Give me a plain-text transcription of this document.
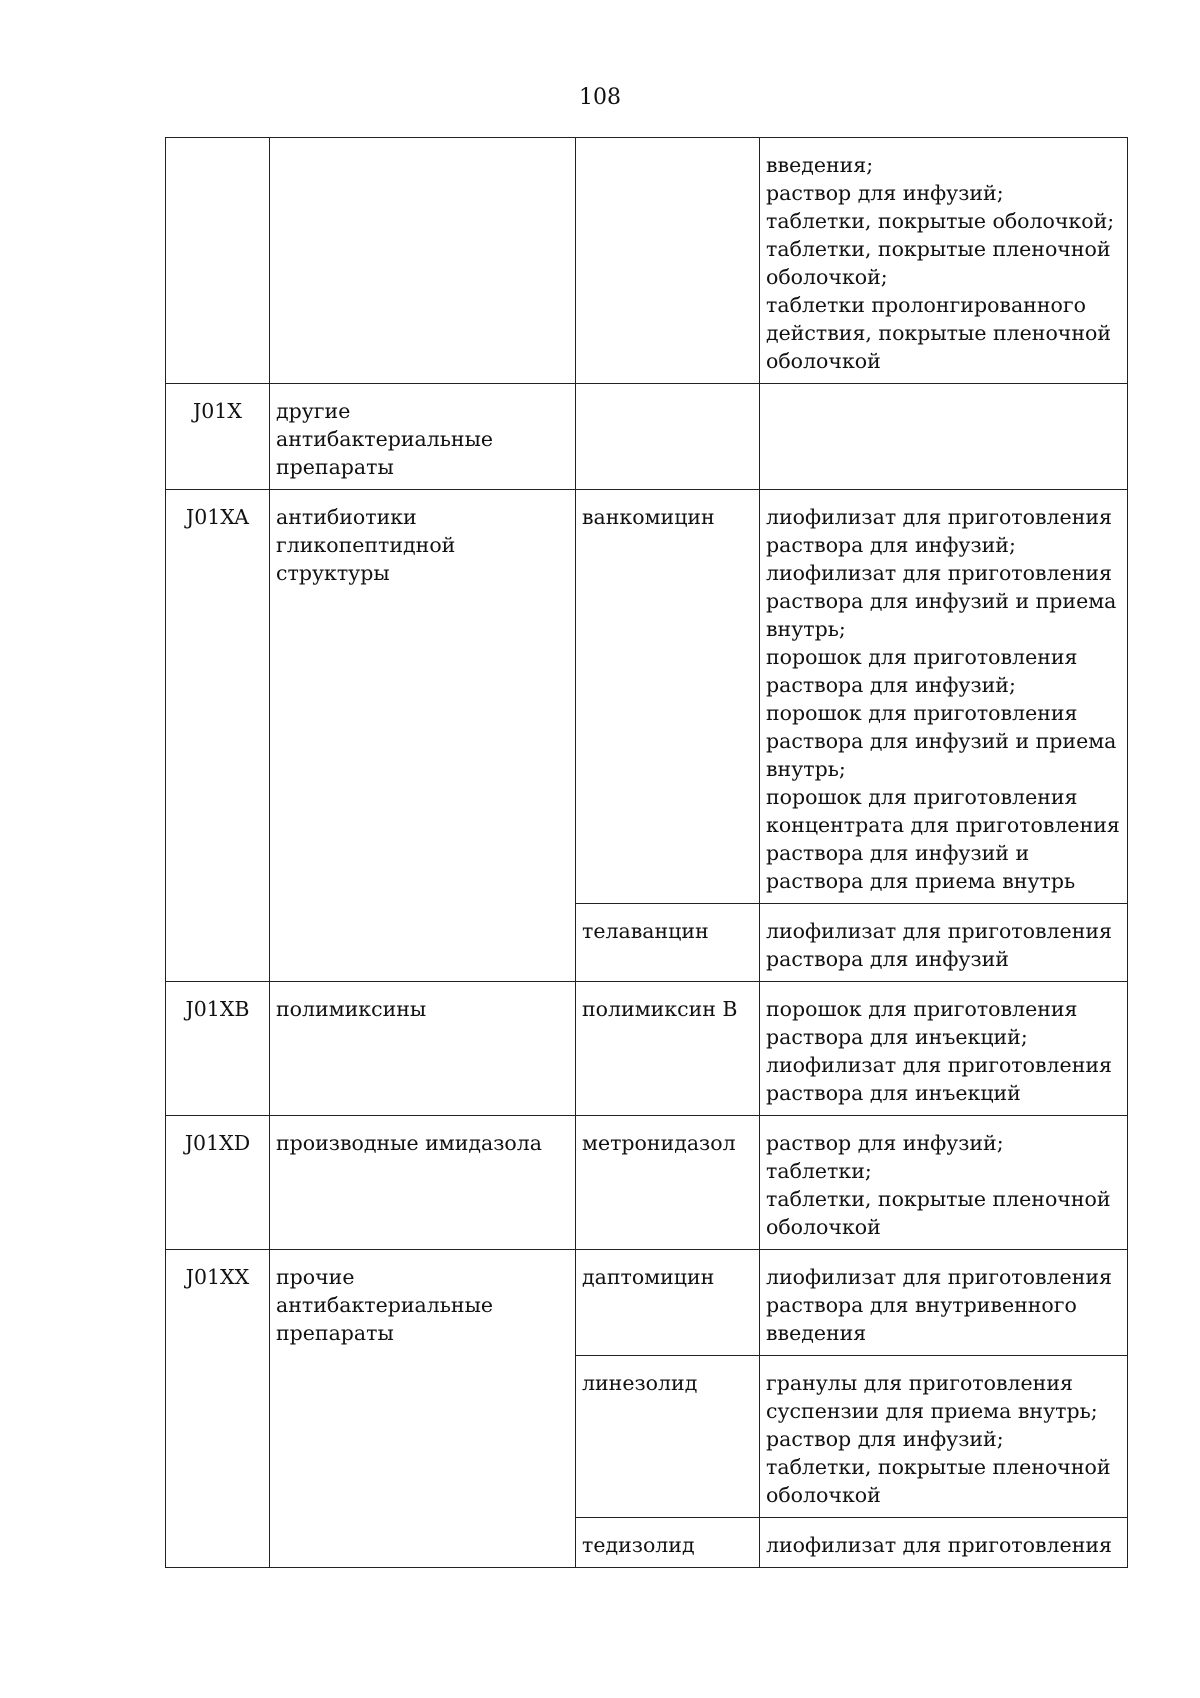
108

			введения;
раствор для инфузий;
таблетки, покрытые оболочкой;
таблетки, покрытые пленочной оболочкой;
таблетки пролонгированного действия, покрытые пленочной оболочкой

J01X	другие антибактериальные препараты		
J01XA	антибиотики гликопептидной структуры	ванкомицин	лиофилизат для приготовления раствора для инфузий;
лиофилизат для приготовления раствора для инфузий и приема внутрь;
порошок для приготовления раствора для инфузий;
порошок для приготовления раствора для инфузий и приема внутрь;
порошок для приготовления концентрата для приготовления раствора для инфузий и раствора для приема внутрь

		телаванцин	лиофилизат для приготовления раствора для инфузий

J01XB	полимиксины	полимиксин В	порошок для приготовления раствора для инъекций;
лиофилизат для приготовления раствора для инъекций

J01XD	производные имидазола	метронидазол	раствор для инфузий;
таблетки;
таблетки, покрытые пленочной оболочкой

J01XX	прочие антибактериальные препараты	даптомицин	лиофилизат для приготовления раствора для внутривенного введения

		линезолид	гранулы для приготовления суспензии для приема внутрь;
раствор для инфузий;
таблетки, покрытые пленочной оболочкой

		тедизолид	лиофилизат для приготовления
